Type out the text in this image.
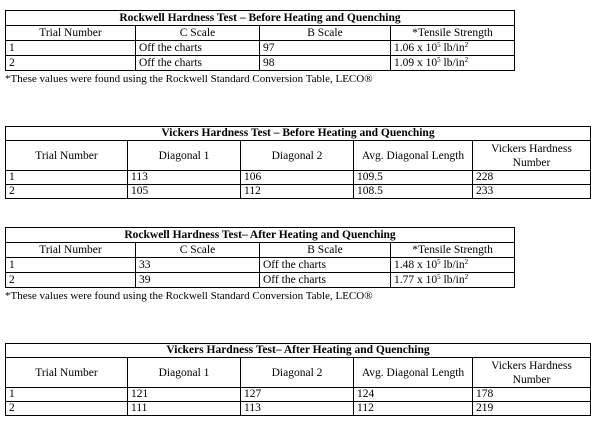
Rockwell Hardness Test – Before Heating and Quenching			
Trial Number	C Scale	B Scale	*Tensile Strength
1	Off the charts	97	1.06 x $10^5$ $lb/in^2$
2	Off the charts	98	1.09 x $10^5$ $lb/in^2$
*These values were found using the Rockwell Standard Conversion Table, LECO®
Vickers Hardness Test – Before Heating and Quenching				
Trial Number	Diagonal 1	Diagonal 2	Avg. Diagonal Length	Vickers Hardness Number
1	113	106	109.5	228
2	105	112	108.5	233
Rockwell Hardness Test– After Heating and Quenching			
Trial Number	C Scale	B Scale	*Tensile Strength
1	33	Off the charts	1.48 x $10^5$ $lb/in^2$
2	39	Off the charts	1.77 x $10^5$ $lb/in^2$
*These values were found using the Rockwell Standard Conversion Table, LECO®
Vickers Hardness Test– After Heating and Quenching				
Trial Number	Diagonal 1	Diagonal 2	Avg. Diagonal Length	Vickers Hardness Number
1	121	127	124	178
2	111	113	112	219
